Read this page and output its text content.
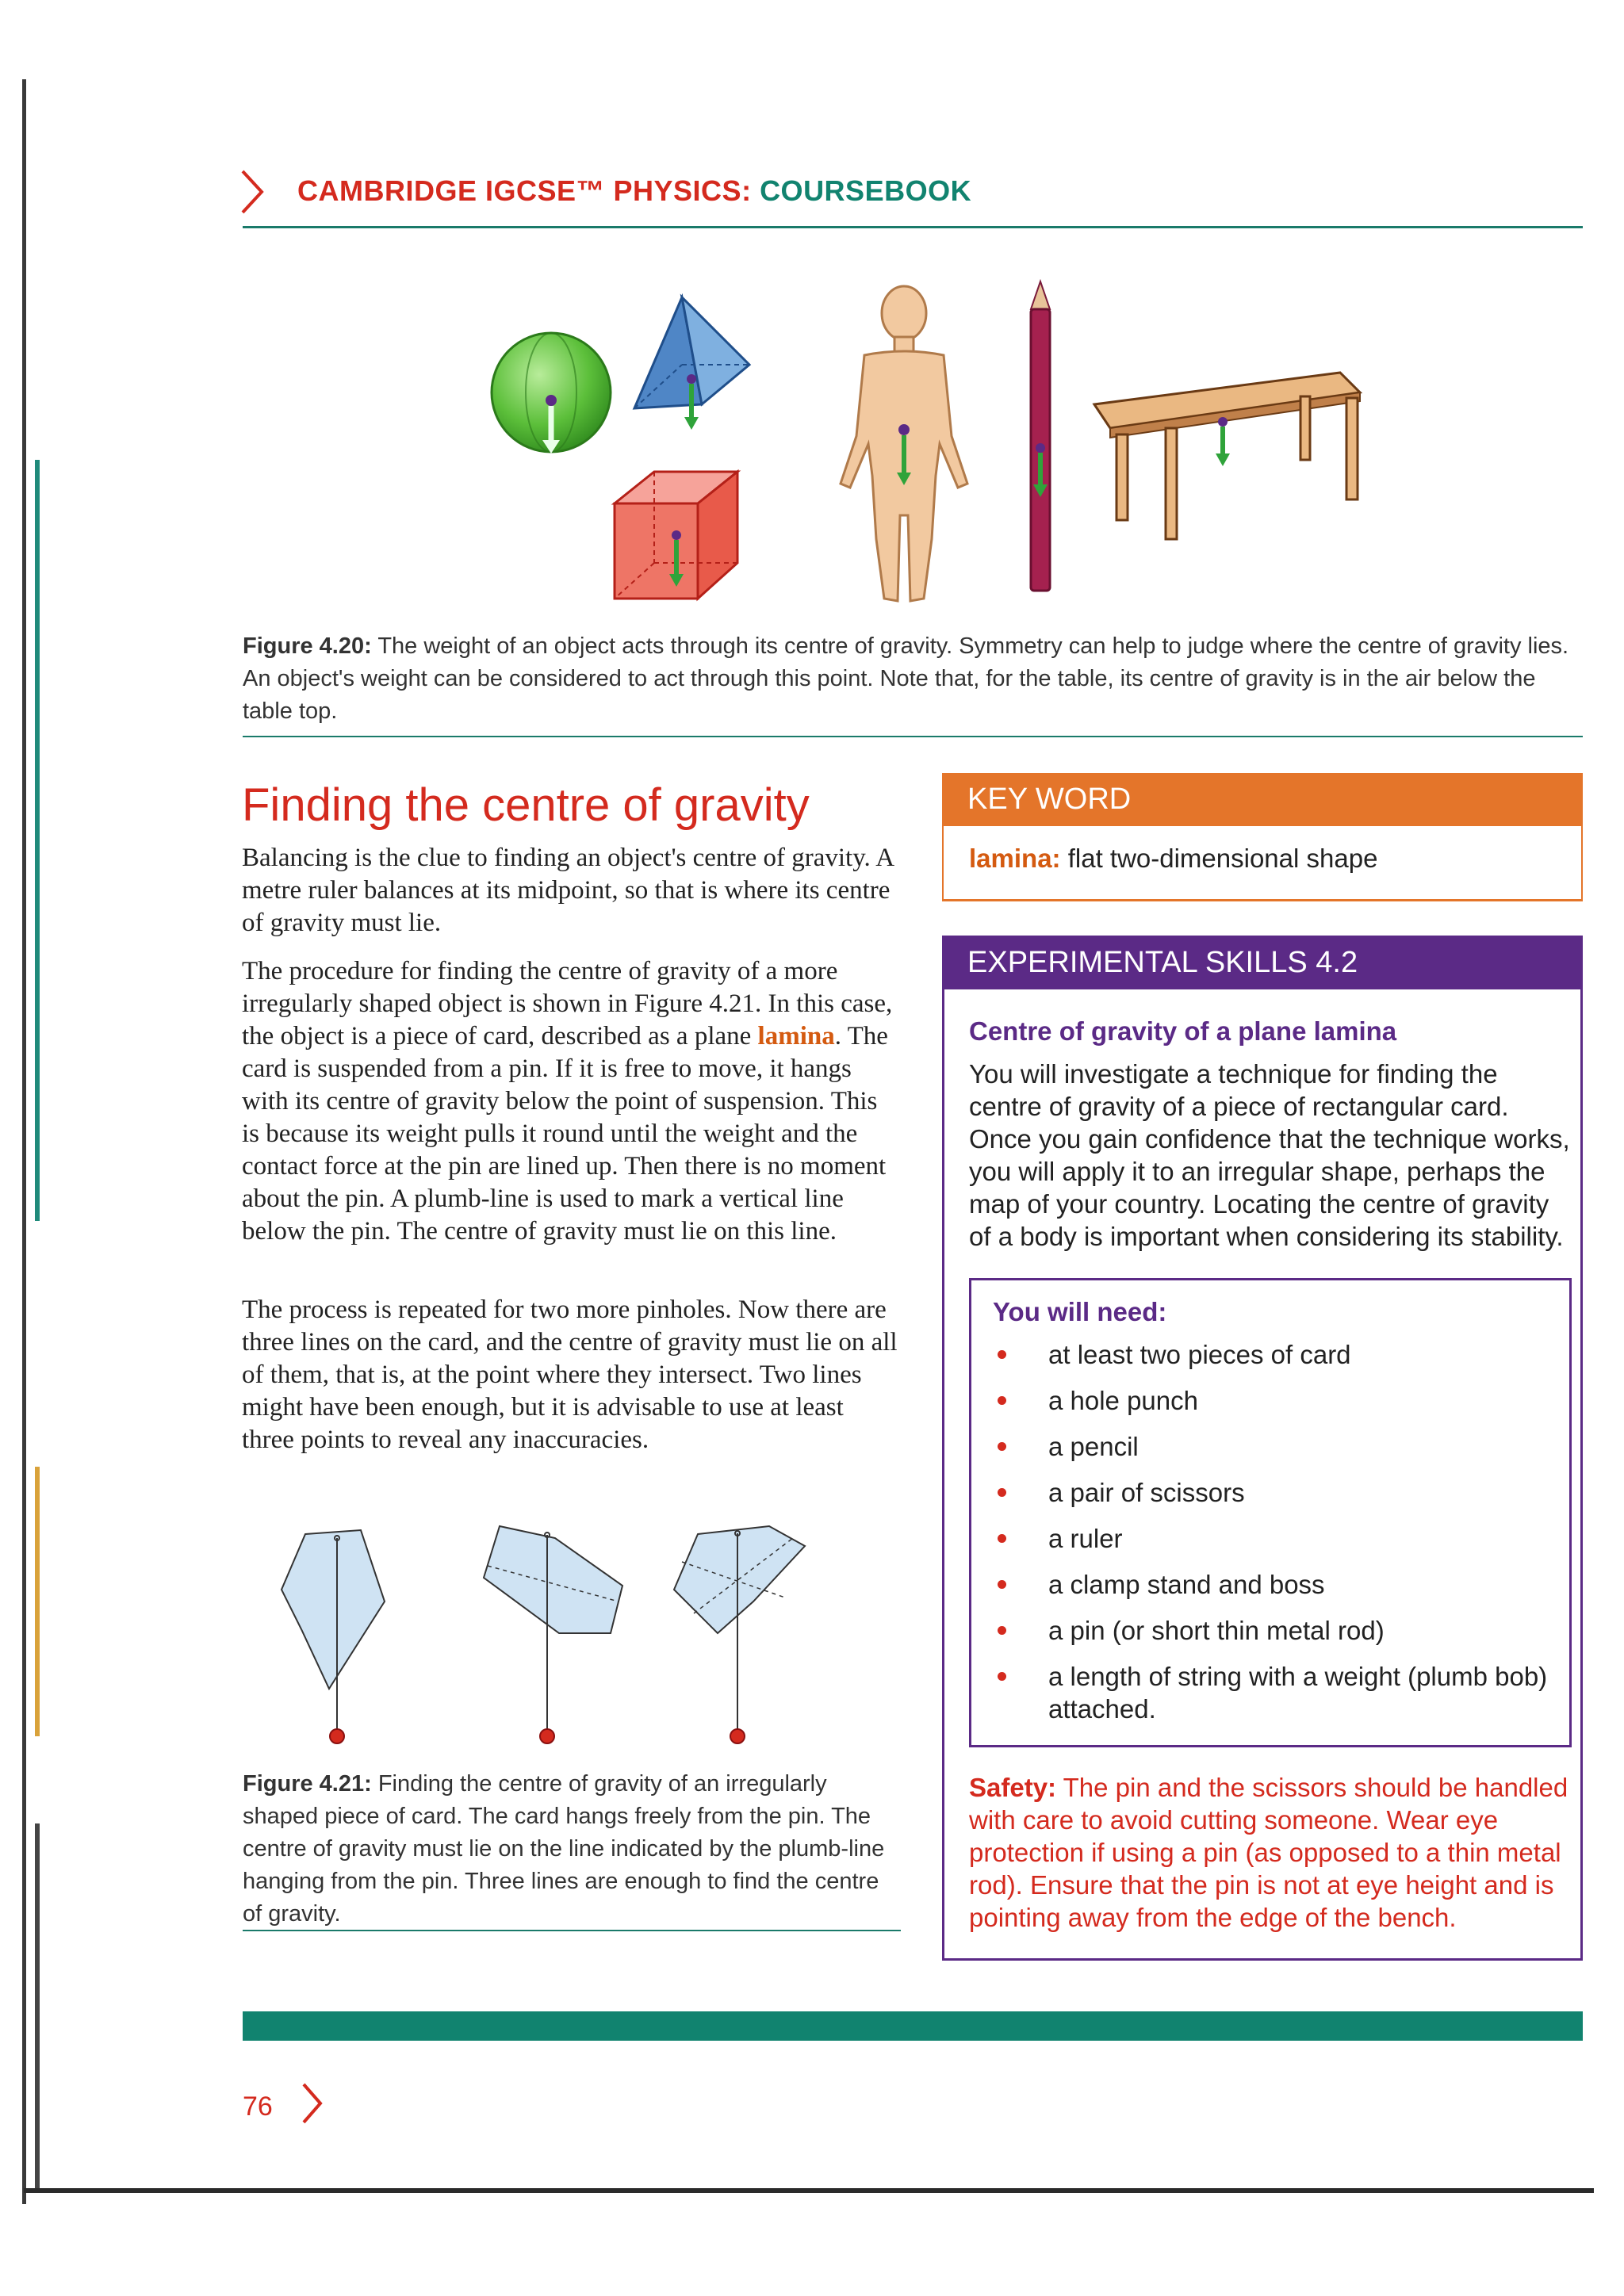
CAMBRIDGE IGCSE™ PHYSICS: COURSEBOOK
Figure 4.20: The weight of an object acts through its centre of gravity. Symmetry can help to judge where the centre of gravity lies. An object's weight can be considered to act through this point. Note that, for the table, its centre of gravity is in the air below the table top.
Finding the centre of gravity
Balancing is the clue to finding an object's centre of gravity. A metre ruler balances at its midpoint, so that is where its centre of gravity must lie.
The procedure for finding the centre of gravity of a more irregularly shaped object is shown in Figure 4.21. In this case, the object is a piece of card, described as a plane lamina. The card is suspended from a pin. If it is free to move, it hangs with its centre of gravity below the point of suspension. This is because its weight pulls it round until the weight and the contact force at the pin are lined up. Then there is no moment about the pin. A plumb-line is used to mark a vertical line below the pin. The centre of gravity must lie on this line.
The process is repeated for two more pinholes. Now there are three lines on the card, and the centre of gravity must lie on all of them, that is, at the point where they intersect. Two lines might have been enough, but it is advisable to use at least three points to reveal any inaccuracies.
Figure 4.21: Finding the centre of gravity of an irregularly shaped piece of card. The card hangs freely from the pin. The centre of gravity must lie on the line indicated by the plumb-line hanging from the pin. Three lines are enough to find the centre of gravity.
KEY WORD
lamina: flat two-dimensional shape
EXPERIMENTAL SKILLS 4.2
Centre of gravity of a plane lamina
You will investigate a technique for finding the centre of gravity of a piece of rectangular card. Once you gain confidence that the technique works, you will apply it to an irregular shape, perhaps the map of your country. Locating the centre of gravity of a body is important when considering its stability.
You will need:
at least two pieces of card
a hole punch
a pencil
a pair of scissors
a ruler
a clamp stand and boss
a pin (or short thin metal rod)
a length of string with a weight (plumb bob) attached.
Safety: The pin and the scissors should be handled with care to avoid cutting someone. Wear eye protection if using a pin (as opposed to a thin metal rod). Ensure that the pin is not at eye height and is pointing away from the edge of the bench.
76
